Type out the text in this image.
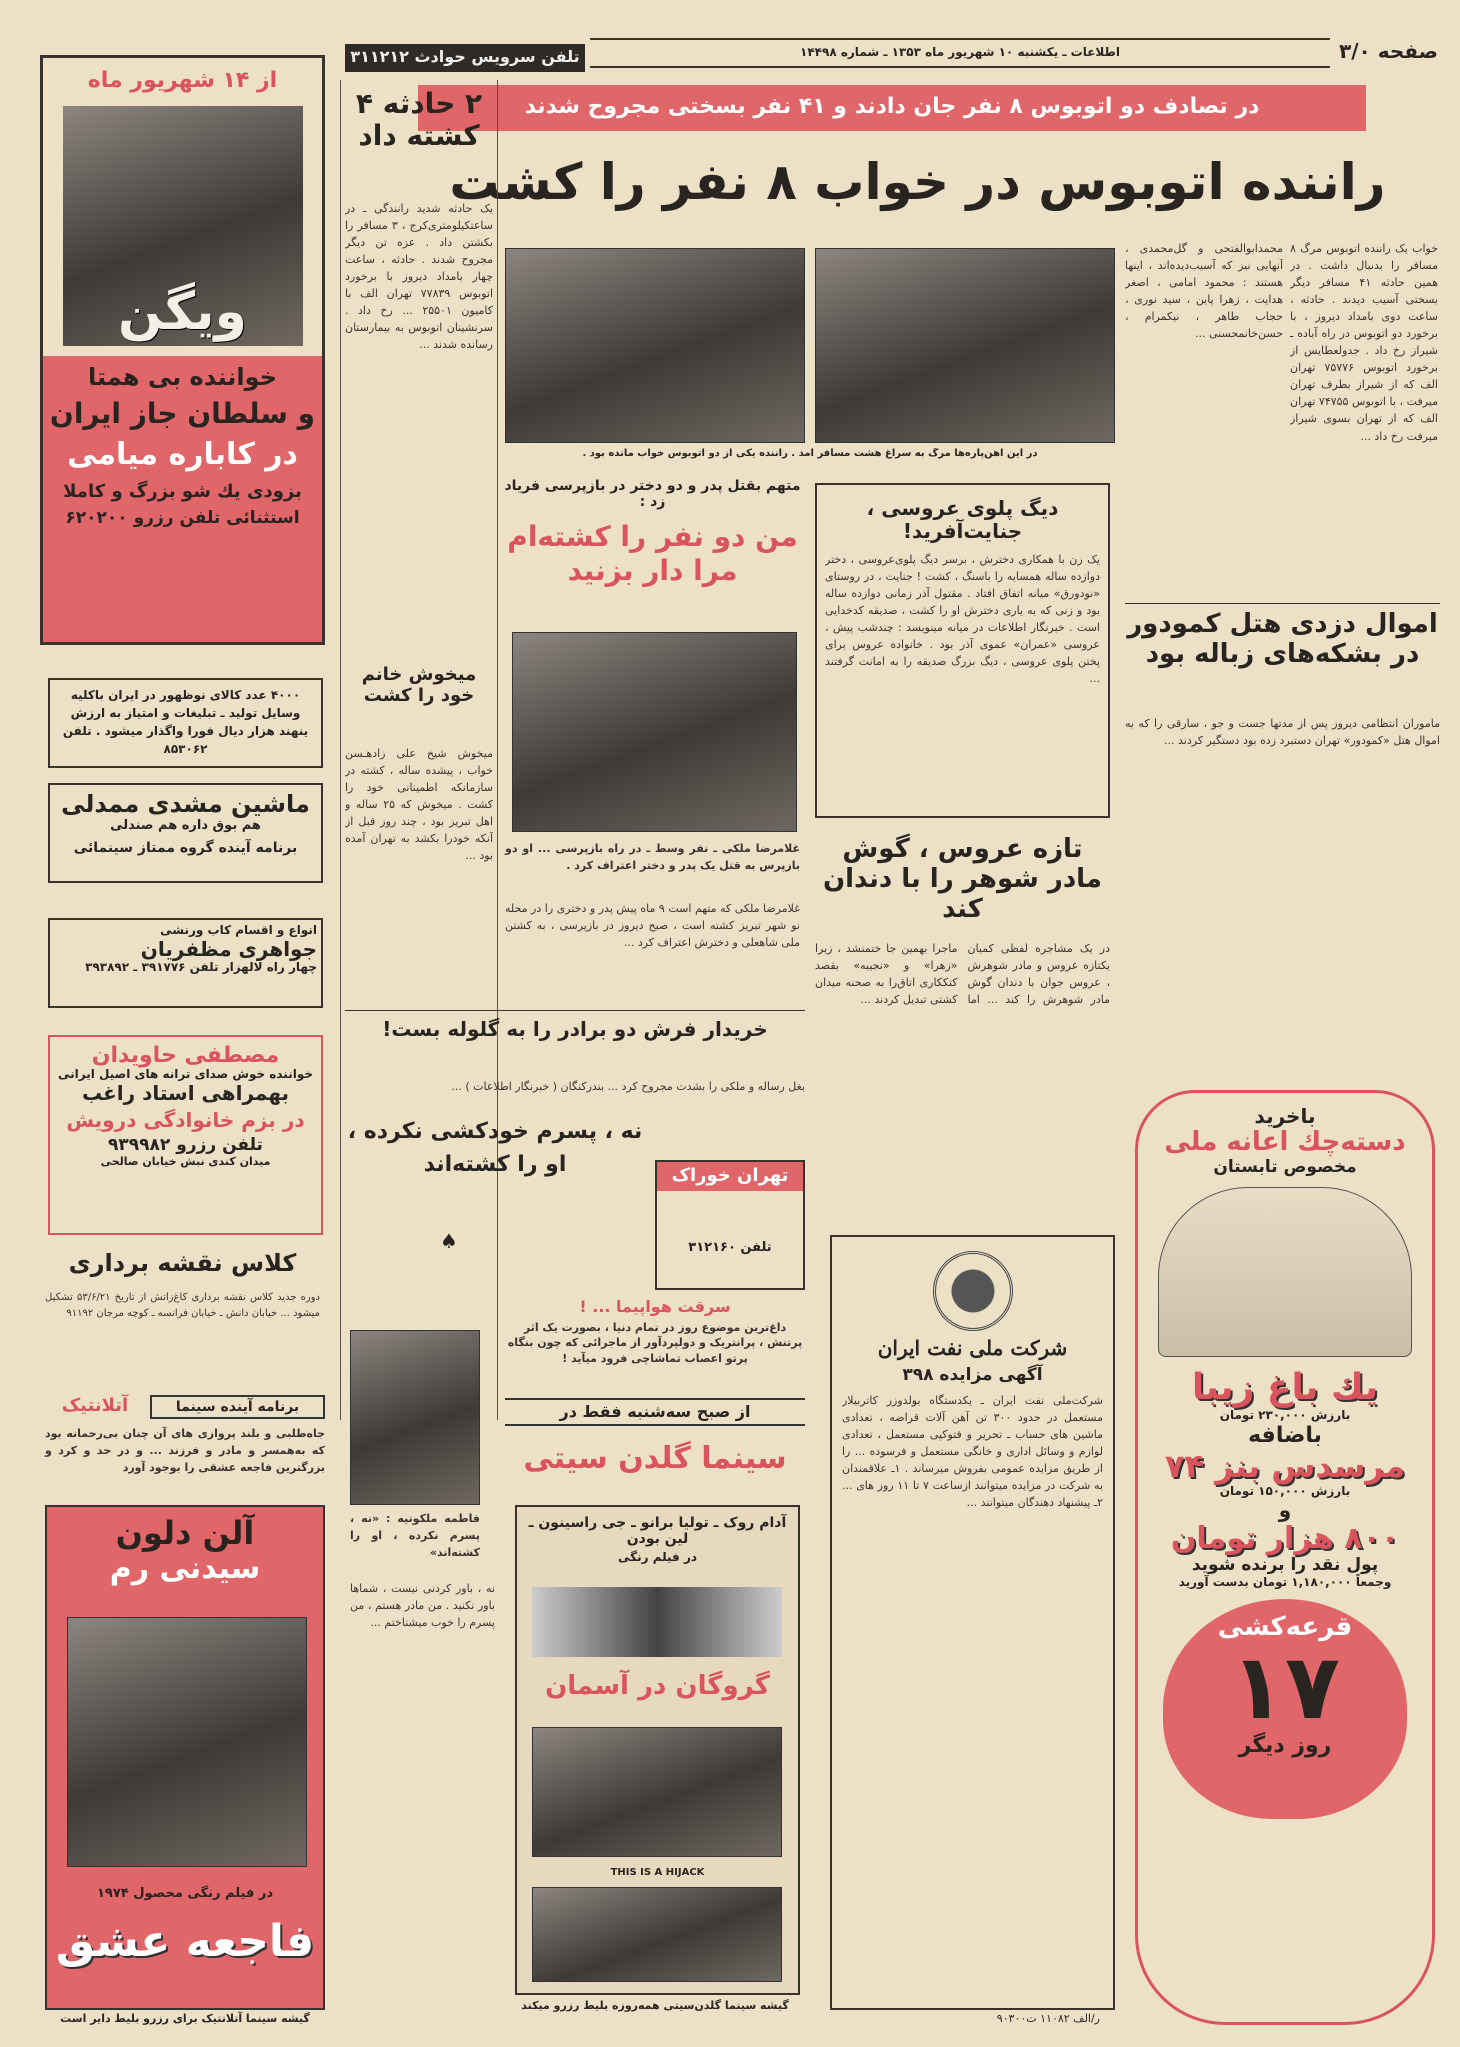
صفحه ۳/۰
اطلاعات ـ یکشنبه ۱۰ شهریور ماه ۱۳۵۳ ـ شماره ۱۴۴۹۸
تلفن سرویس حوادث ۳۱۱۲۱۲
در تصادف دو اتوبوس ۸ نفر جان دادند و ۴۱ نفر بسختی مجروح شدند
راننده اتوبوس در خواب ۸ نفر را کشت
در این آهن‌پاره‌ها مرگ به سراغ هشت مسافر آمد . راننده یکی از دو اتوبوس خواب مانده بود .
خواب یک راننده اتوبوس مرگ ۸ مسافر را بدنبال داشت . در همین حادثه ۴۱ مسافر دیگر بسختی آسیب دیدند . حادثه ، ساعت دوی بامداد دیروز ، با برخورد دو اتوبوس در راه آباده ـ شیراز رخ داد . جدولعطایس از برخورد اتوبوس ۷۵۷۷۶ تهران الف که از شیراز بطرف تهران میرفت ، با اتوبوس ۷۴۷۵۵ تهران الف که از تهران بسوی شیراز میرفت رخ داد ...
محمدابوالفتحی و گل‌محمدی ، آنهایی نیز که آسیب‌دیده‌اند ، اینها هستند : محمود امامی ، اصغر هدایت ، زهرا پاین ، سید نوری ، حجاب طاهر ، نیکمرام ، حسن‌خانمحسنی ...
اموال دزدی هتل کمودور در بشکه‌های زباله بود
ماموران انتظامی دیروز پس از مدتها جست و جو ، سارقی را که به اموال هتل «کمودور» تهران دستبرد زده بود دستگیر کردند ...
۲ حادثه ۴ کشته داد
یک حادثه شدید رانندگی ـ در ساعتکیلومتری‌کرج ، ۳ مسافر را بکشتن داد . عزه تن دیگر مجروح شدند . حادثه ، ساعت چهار بامداد دیروز با برخورد اتوبوس ۷۷۸۳۹ تهران الف با کامیون ۲۵۵۰۱ ... رخ داد . سرنشینان اتوبوس به بیمارستان رسانده شدند ...
میخوش خانم خود را کشت
میخوش شیخ علی زادهـسن خواب ، پیشده ساله ، کشته در سازمانکه اطمینانی خود را کشت . میخوش که ۲۵ ساله و اهل تبریز بود ، چند روز قبل از آنکه خودرا بکشد به تهران آمده بود ...
متهم بقتل پدر و دو دختر در بازپرسی فریاد زد :
من دو نفر را کشته‌ام مرا دار بزنید
غلامرضا ملکی ـ نفر وسط ـ در راه بازپرسی ... او دو بازپرس به قتل یک پدر و دختر اعتراف کرد .
غلامرضا ملکی که متهم است ۹ ماه پیش پدر و دختری را در محله نو شهر تبریز کشته است ، صبح دیروز در بازپرسی ، به کشتن ملی شاهعلی و دخترش اعتراف کرد ...
دیگ پلوی عروسی ، جنایت‌آفرید!
یک زن با همکاری دخترش ، برسر دیگ پلوی‌عروسی ، دختر دوازده ساله همسایه را باسنگ ، کشت ! جنایت ، در روستای «نودورق» میانه اتفاق افتاد . مقتول آذر زمانی دوازده ساله بود و زنی که به یاری دخترش او را کشت ، صدیقه کدخدایی است . خبرنگار اطلاعات در میانه مینویسد : چندشب پیش ، عروسی «عمران» عموی آذر بود . خانواده عروس برای پختن پلوی عروسی ، دیگ بزرگ صدیقه را به امانت گرفتند ...
تازه عروس ، گوش مادر شوهر را با دندان کند
در یک مشاجره لفظی کمیان یکتازه عروس و مادر شوهرش ، عروس جوان با دندان گوش مادر شوهرش را کند ... اما ماجرا بهمین جا ختمنشد ، زیرا «زهرا» و «نجیبه» بقصد کتککاری اتاق‌را به صحنه میدان کشتی تبدیل کردند ...
خریدار فرش دو برادر را به گلوله بست!
بغل رساله و ملکی را بشدت مجروح کرد ... بندرکنگان ( خبرنگار اطلاعات ) ...
نه ، پسرم خودکشی نکرده ، او را کشته‌اند
♠
فاطمه ملکوتیه : «نه ، پسرم نکرده ، او را کشته‌اند»
نه ، باور کردنی نیست ، شماها باور نکنید . من مادر هستم ، من پسرم را خوب میشناختم ...
تهران خوراک
تلفن ۳۱۲۱۶۰
سرقت هواپیما ... !
داغ‌ترین موضوع روز در تمام دنیا ، بصورت یک اثر پرتنش ، پرانتریک و دولپردآور از ماجرائی که چون بنگاه پرتو اعصاب تماشاچی فرود میآید !
از صبح سه‌شنبه فقط در
سینما گلدن سیتی
آدام روک ـ تولیا برانو ـ جی راسینون ـ لین بودن
در فیلم رنگی
گروگان در آسمان
THIS IS A HIJACK
گیشه سینما گلدن‌سیتی همه‌روزه بلیط رزرو میکند
شرکت ملی نفت ایران
آگهی مزایده ۳۹۸
شرکت‌ملی نفت ایران ـ یکدستگاه بولدوزر کاتربیلار مستعمل در حدود ۳۰۰ تن آهن آلات قراضه ، تعدادی ماشین های حساب ـ تحریر و فتوکپی مستعمل ، تعدادی لوازم و وسائل اداری و خانگی مستعمل و فرسوده ... را از طریق مزایده عمومی بفروش میرساند . ۱ـ علاقمندان به شرکت در مزایده میتوانند ازساعت ۷ تا ۱۱ روز های ... ۲ـ پیشنهاد دهندگان میتوانند ...
ر/الف ۱۱۰۸۲ ت۹۰۳۰۰
باخرید
دسته‌چك اعانه ملی
مخصوص تابستان
یك باغ زیبا
بارزش ۲۳۰,۰۰۰ تومان
باضافه
مرسدس بنز ۷۴
بارزش ۱۵۰,۰۰۰ تومان
و
۸۰۰ هزار تومان
پول نقد را برنده شوید
وجمعاً ۱,۱۸۰,۰۰۰ تومان بدست آورید
قرعه‌کشی
۱۷
روز دیگر
از ۱۴ شهریور ماه
ویگن
خواننده بی همتا
و سلطان جاز ایران
در کاباره میامی
بزودی یك شو بزرگ و کاملا
استثنائی تلفن رزرو ۶۲۰۲۰۰
۴۰۰۰ عدد کالای نوظهور در ایران باکلیه وسایل تولید ـ تبلیغات و امتیاز به ارزش ینهند هزار دیال فورا واگذار میشود . تلفن ۸۵۳۰۶۲
ماشین مشدی ممدلی
هم بوق داره هم صندلی
برنامه آینده گروه ممتاز سینمائی
انواع و اقسام کاب ورنشی
جواهری مظفریان
چهار راه لالهزار تلفن ۳۹۱۷۷۶ ـ ۳۹۳۸۹۲
مصطفی حاویدان
خواننده خوش صدای ترانه های اصیل ایرانی
بهمراهی استاد راغب
در بزم خانوادگی درویش
تلفن رزرو ۹۳۹۹۸۲
میدان کندی نبش خیابان صالحی
کلاس نقشه برداری
دوره جدید کلاس نقشه برداری کاغ‌زاتش از تاریخ ۵۳/۶/۲۱ تشکیل میشود ... خیابان دانش ـ خیابان فرانسه ـ کوچه مرجان ۹۱۱۹۲
برنامه آینده سینما
آتلانتیک
جاه‌طلبی و بلند پروازی های آن چنان بی‌رحمانه بود که به‌همسر و مادر و فرزند ... و در حد و کرد و بزرگترین فاجعه عشقی را بوجود آورد
آلن دلون
سیدنی رم
در فیلم رنگی محصول ۱۹۷۴
فاجعه عشق
گیشه سینما آتلانتیک برای رزرو بلیط دایر است
